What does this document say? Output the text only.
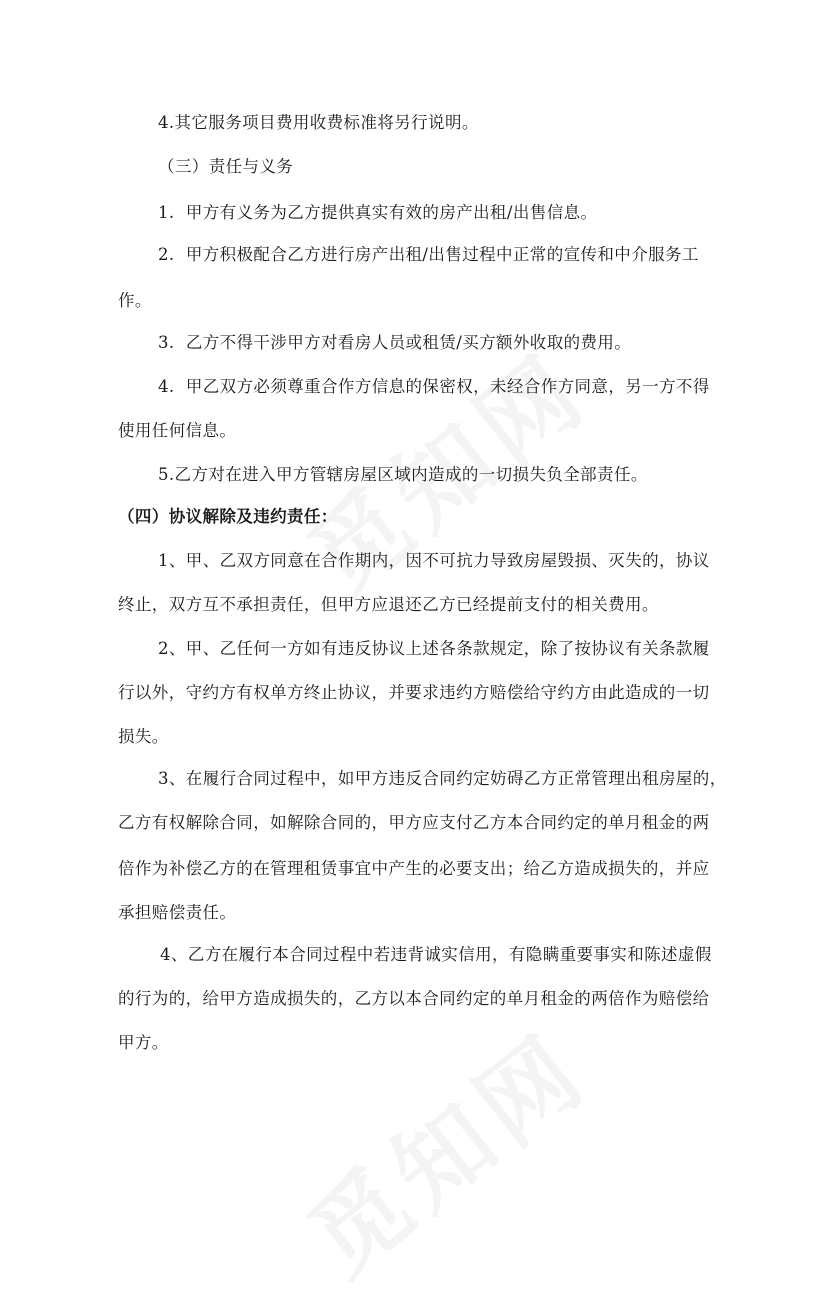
4.其它服务项目费用收费标准将另行说明。
（三）责任与义务
1.  甲方有义务为乙方提供真实有效的房产出租/出售信息。
2.  甲方积极配合乙方进行房产出租/出售过程中正常的宣传和中介服务工
作。
3.  乙方不得干涉甲方对看房人员或租赁/买方额外收取的费用。
4.  甲乙双方必须尊重合作方信息的保密权，未经合作方同意，另一方不得
使用任何信息。
5.乙方对在进入甲方管辖房屋区域内造成的一切损失负全部责任。
（四）协议解除及违约责任：
1、甲、乙双方同意在合作期内，因不可抗力导致房屋毁损、灭失的，协议
终止，双方互不承担责任，但甲方应退还乙方已经提前支付的相关费用。
2、甲、乙任何一方如有违反协议上述各条款规定，除了按协议有关条款履
行以外，守约方有权单方终止协议，并要求违约方赔偿给守约方由此造成的一切
损失。
3、在履行合同过程中，如甲方违反合同约定妨碍乙方正常管理出租房屋的，
乙方有权解除合同，如解除合同的，甲方应支付乙方本合同约定的单月租金的两
倍作为补偿乙方的在管理租赁事宜中产生的必要支出；给乙方造成损失的，并应
承担赔偿责任。
4、乙方在履行本合同过程中若违背诚实信用，有隐瞒重要事实和陈述虚假
的行为的，给甲方造成损失的，乙方以本合同约定的单月租金的两倍作为赔偿给
甲方。
